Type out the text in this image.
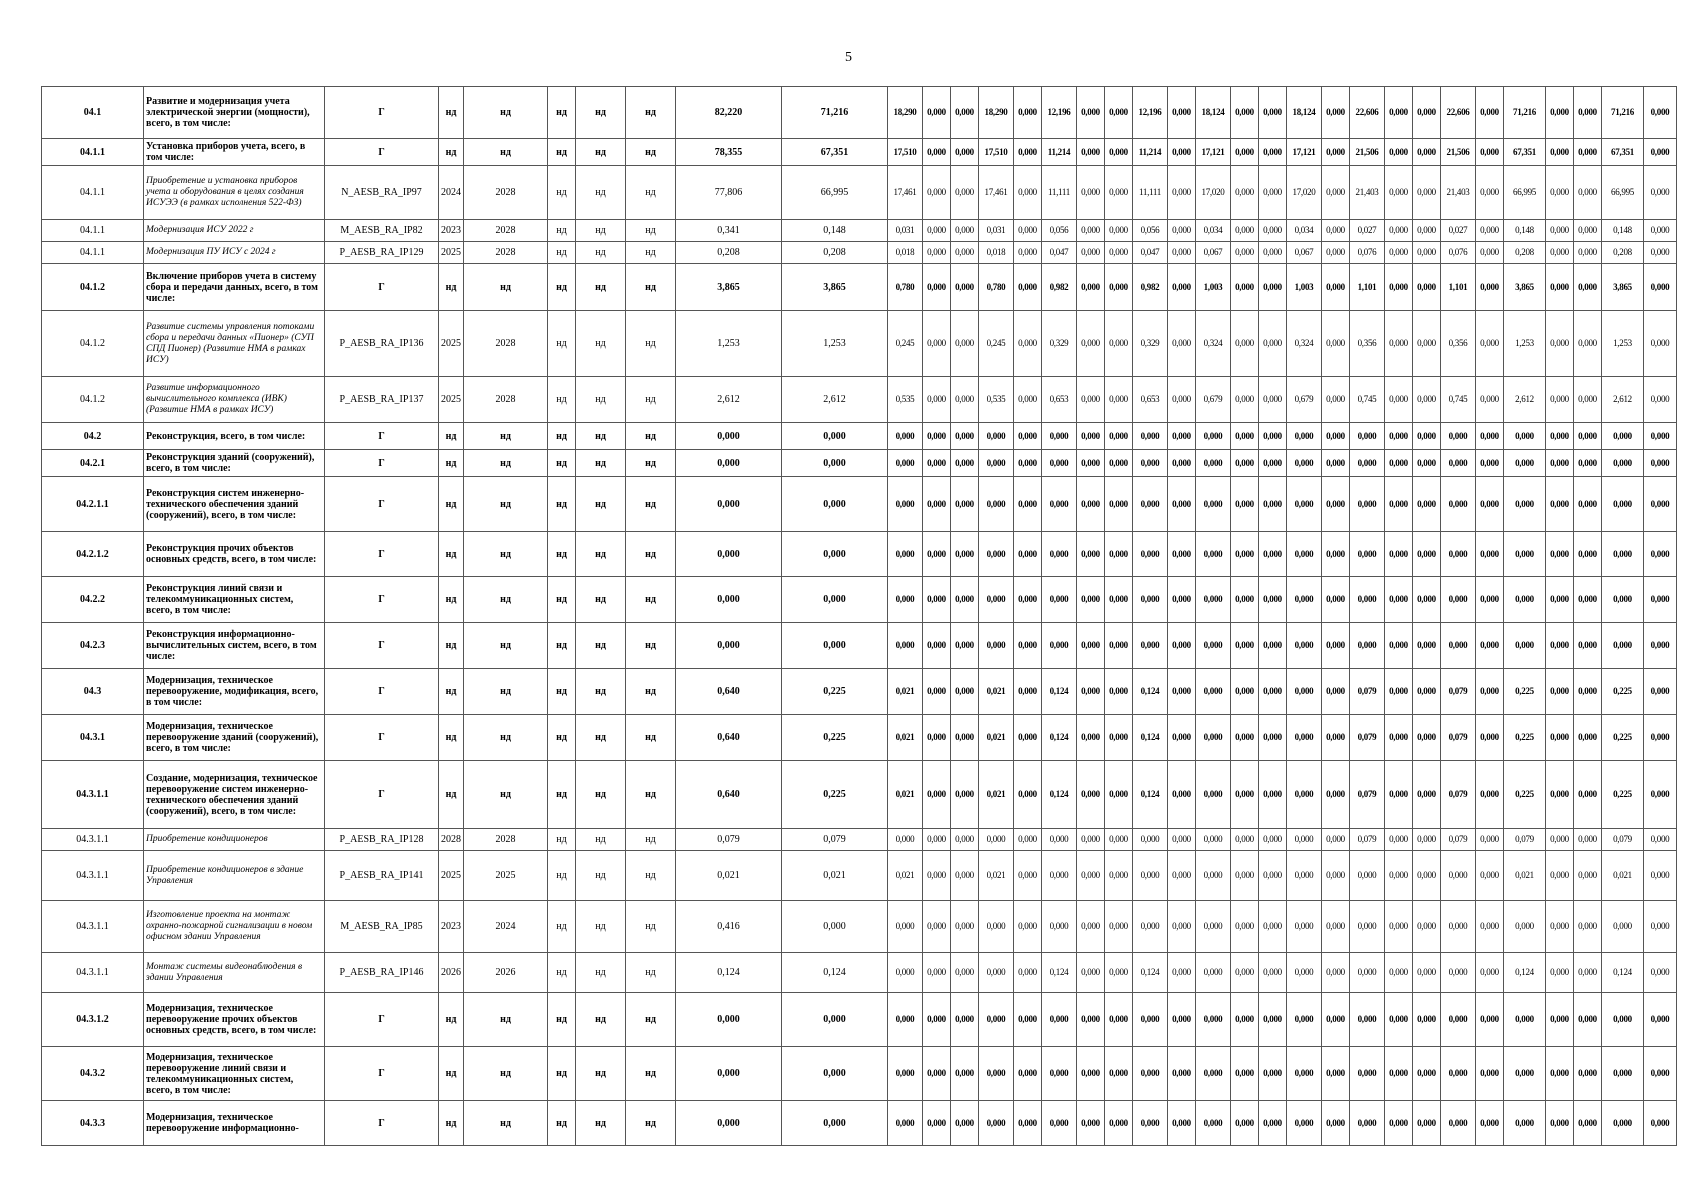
5
04.1	Развитие и модернизация учета электрической энергии (мощности), всего, в том числе:	Г	нд	нд	нд	нд	нд	82,220	71,216	18,290	0,000	0,000	18,290	0,000	12,196	0,000	0,000	12,196	0,000	18,124	0,000	0,000	18,124	0,000	22,606	0,000	0,000	22,606	0,000	71,216	0,000	0,000	71,216	0,000
04.1.1	Установка приборов учета, всего, в том числе:	Г	нд	нд	нд	нд	нд	78,355	67,351	17,510	0,000	0,000	17,510	0,000	11,214	0,000	0,000	11,214	0,000	17,121	0,000	0,000	17,121	0,000	21,506	0,000	0,000	21,506	0,000	67,351	0,000	0,000	67,351	0,000
04.1.1	Приобретение и установка приборов учета и оборудования в целях создания ИСУЭЭ (в рамках исполнения 522-ФЗ)	N_AESB_RA_IP97	2024	2028	нд	нд	нд	77,806	66,995	17,461	0,000	0,000	17,461	0,000	11,111	0,000	0,000	11,111	0,000	17,020	0,000	0,000	17,020	0,000	21,403	0,000	0,000	21,403	0,000	66,995	0,000	0,000	66,995	0,000
04.1.1	Модернизация ИСУ 2022 г	M_AESB_RA_IP82	2023	2028	нд	нд	нд	0,341	0,148	0,031	0,000	0,000	0,031	0,000	0,056	0,000	0,000	0,056	0,000	0,034	0,000	0,000	0,034	0,000	0,027	0,000	0,000	0,027	0,000	0,148	0,000	0,000	0,148	0,000
04.1.1	Модернизация ПУ ИСУ с 2024 г	P_AESB_RA_IP129	2025	2028	нд	нд	нд	0,208	0,208	0,018	0,000	0,000	0,018	0,000	0,047	0,000	0,000	0,047	0,000	0,067	0,000	0,000	0,067	0,000	0,076	0,000	0,000	0,076	0,000	0,208	0,000	0,000	0,208	0,000
04.1.2	Включение приборов учета в систему сбора и передачи данных, всего, в том числе:	Г	нд	нд	нд	нд	нд	3,865	3,865	0,780	0,000	0,000	0,780	0,000	0,982	0,000	0,000	0,982	0,000	1,003	0,000	0,000	1,003	0,000	1,101	0,000	0,000	1,101	0,000	3,865	0,000	0,000	3,865	0,000
04.1.2	Развитие системы управления потоками сбора и передачи данных «Пионер» (СУП СПД Пионер) (Развитие НМА в рамках ИСУ)	P_AESB_RA_IP136	2025	2028	нд	нд	нд	1,253	1,253	0,245	0,000	0,000	0,245	0,000	0,329	0,000	0,000	0,329	0,000	0,324	0,000	0,000	0,324	0,000	0,356	0,000	0,000	0,356	0,000	1,253	0,000	0,000	1,253	0,000
04.1.2	Развитие информационного вычислительного комплекса (ИВК) (Развитие НМА в рамках ИСУ)	P_AESB_RA_IP137	2025	2028	нд	нд	нд	2,612	2,612	0,535	0,000	0,000	0,535	0,000	0,653	0,000	0,000	0,653	0,000	0,679	0,000	0,000	0,679	0,000	0,745	0,000	0,000	0,745	0,000	2,612	0,000	0,000	2,612	0,000
04.2	Реконструкция, всего, в том числе:	Г	нд	нд	нд	нд	нд	0,000	0,000	0,000	0,000	0,000	0,000	0,000	0,000	0,000	0,000	0,000	0,000	0,000	0,000	0,000	0,000	0,000	0,000	0,000	0,000	0,000	0,000	0,000	0,000	0,000	0,000	0,000
04.2.1	Реконструкция зданий (сооружений), всего, в том числе:	Г	нд	нд	нд	нд	нд	0,000	0,000	0,000	0,000	0,000	0,000	0,000	0,000	0,000	0,000	0,000	0,000	0,000	0,000	0,000	0,000	0,000	0,000	0,000	0,000	0,000	0,000	0,000	0,000	0,000	0,000	0,000
04.2.1.1	Реконструкция систем инженерно-технического обеспечения зданий (сооружений), всего, в том числе:	Г	нд	нд	нд	нд	нд	0,000	0,000	0,000	0,000	0,000	0,000	0,000	0,000	0,000	0,000	0,000	0,000	0,000	0,000	0,000	0,000	0,000	0,000	0,000	0,000	0,000	0,000	0,000	0,000	0,000	0,000	0,000
04.2.1.2	Реконструкция прочих объектов основных средств, всего, в том числе:	Г	нд	нд	нд	нд	нд	0,000	0,000	0,000	0,000	0,000	0,000	0,000	0,000	0,000	0,000	0,000	0,000	0,000	0,000	0,000	0,000	0,000	0,000	0,000	0,000	0,000	0,000	0,000	0,000	0,000	0,000	0,000
04.2.2	Реконструкция линий связи и телекоммуникационных систем, всего, в том числе:	Г	нд	нд	нд	нд	нд	0,000	0,000	0,000	0,000	0,000	0,000	0,000	0,000	0,000	0,000	0,000	0,000	0,000	0,000	0,000	0,000	0,000	0,000	0,000	0,000	0,000	0,000	0,000	0,000	0,000	0,000	0,000
04.2.3	Реконструкция информационно-вычислительных систем, всего, в том числе:	Г	нд	нд	нд	нд	нд	0,000	0,000	0,000	0,000	0,000	0,000	0,000	0,000	0,000	0,000	0,000	0,000	0,000	0,000	0,000	0,000	0,000	0,000	0,000	0,000	0,000	0,000	0,000	0,000	0,000	0,000	0,000
04.3	Модернизация, техническое перевооружение, модификация, всего, в том числе:	Г	нд	нд	нд	нд	нд	0,640	0,225	0,021	0,000	0,000	0,021	0,000	0,124	0,000	0,000	0,124	0,000	0,000	0,000	0,000	0,000	0,000	0,079	0,000	0,000	0,079	0,000	0,225	0,000	0,000	0,225	0,000
04.3.1	Модернизация, техническое перевооружение зданий (сооружений), всего, в том числе:	Г	нд	нд	нд	нд	нд	0,640	0,225	0,021	0,000	0,000	0,021	0,000	0,124	0,000	0,000	0,124	0,000	0,000	0,000	0,000	0,000	0,000	0,079	0,000	0,000	0,079	0,000	0,225	0,000	0,000	0,225	0,000
04.3.1.1	Создание, модернизация, техническое перевооружение систем инженерно-технического обеспечения зданий (сооружений), всего, в том числе:	Г	нд	нд	нд	нд	нд	0,640	0,225	0,021	0,000	0,000	0,021	0,000	0,124	0,000	0,000	0,124	0,000	0,000	0,000	0,000	0,000	0,000	0,079	0,000	0,000	0,079	0,000	0,225	0,000	0,000	0,225	0,000
04.3.1.1	Приобретение кондиционеров	P_AESB_RA_IP128	2028	2028	нд	нд	нд	0,079	0,079	0,000	0,000	0,000	0,000	0,000	0,000	0,000	0,000	0,000	0,000	0,000	0,000	0,000	0,000	0,000	0,079	0,000	0,000	0,079	0,000	0,079	0,000	0,000	0,079	0,000
04.3.1.1	Приобретение кондиционеров в здание Управления	P_AESB_RA_IP141	2025	2025	нд	нд	нд	0,021	0,021	0,021	0,000	0,000	0,021	0,000	0,000	0,000	0,000	0,000	0,000	0,000	0,000	0,000	0,000	0,000	0,000	0,000	0,000	0,000	0,000	0,021	0,000	0,000	0,021	0,000
04.3.1.1	Изготовление проекта на монтаж охранно-пожарной сигнализации в новом офисном здании Управления	M_AESB_RA_IP85	2023	2024	нд	нд	нд	0,416	0,000	0,000	0,000	0,000	0,000	0,000	0,000	0,000	0,000	0,000	0,000	0,000	0,000	0,000	0,000	0,000	0,000	0,000	0,000	0,000	0,000	0,000	0,000	0,000	0,000	0,000
04.3.1.1	Монтаж системы видеонаблюдения в здании Управления	P_AESB_RA_IP146	2026	2026	нд	нд	нд	0,124	0,124	0,000	0,000	0,000	0,000	0,000	0,124	0,000	0,000	0,124	0,000	0,000	0,000	0,000	0,000	0,000	0,000	0,000	0,000	0,000	0,000	0,124	0,000	0,000	0,124	0,000
04.3.1.2	Модернизация, техническое перевооружение прочих объектов основных средств, всего, в том числе:	Г	нд	нд	нд	нд	нд	0,000	0,000	0,000	0,000	0,000	0,000	0,000	0,000	0,000	0,000	0,000	0,000	0,000	0,000	0,000	0,000	0,000	0,000	0,000	0,000	0,000	0,000	0,000	0,000	0,000	0,000	0,000
04.3.2	Модернизация, техническое перевооружение линий связи и телекоммуникационных систем, всего, в том числе:	Г	нд	нд	нд	нд	нд	0,000	0,000	0,000	0,000	0,000	0,000	0,000	0,000	0,000	0,000	0,000	0,000	0,000	0,000	0,000	0,000	0,000	0,000	0,000	0,000	0,000	0,000	0,000	0,000	0,000	0,000	0,000
04.3.3	Модернизация, техническое перевооружение информационно-	Г	нд	нд	нд	нд	нд	0,000	0,000	0,000	0,000	0,000	0,000	0,000	0,000	0,000	0,000	0,000	0,000	0,000	0,000	0,000	0,000	0,000	0,000	0,000	0,000	0,000	0,000	0,000	0,000	0,000	0,000	0,000
